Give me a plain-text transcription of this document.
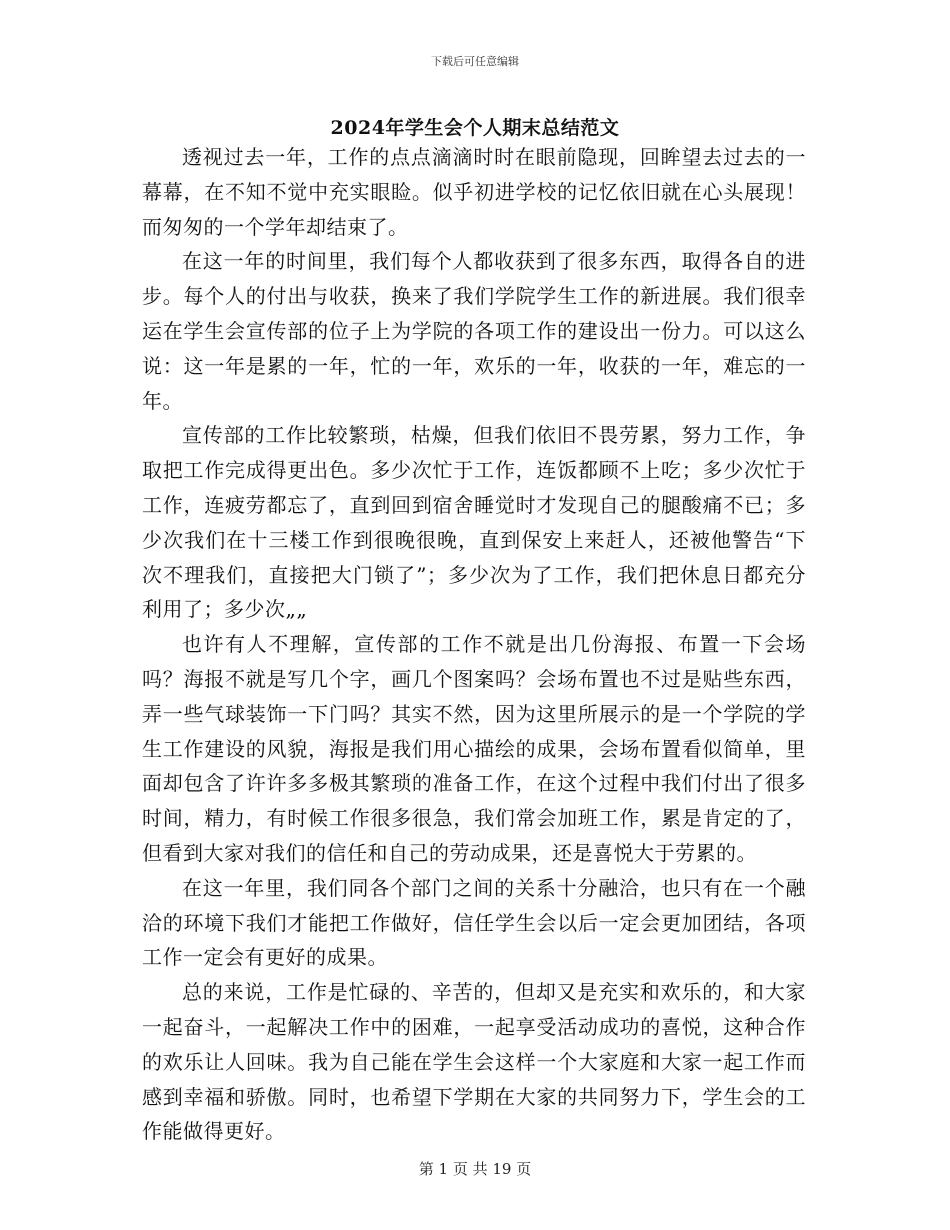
下载后可任意编辑
2024年学生会个人期末总结范文

透视过去一年，工作的点点滴滴时时在眼前隐现，回眸望去过去的一幕幕，在不知不觉中充实眼睑。似乎初进学校的记忆依旧就在心头展现！而匆匆的一个学年却结束了。

在这一年的时间里，我们每个人都收获到了很多东西，取得各自的进步。每个人的付出与收获，换来了我们学院学生工作的新进展。我们很幸运在学生会宣传部的位子上为学院的各项工作的建设出一份力。可以这么说：这一年是累的一年，忙的一年，欢乐的一年，收获的一年，难忘的一年。

宣传部的工作比较繁琐，枯燥，但我们依旧不畏劳累，努力工作，争取把工作完成得更出色。多少次忙于工作，连饭都顾不上吃；多少次忙于工作，连疲劳都忘了，直到回到宿舍睡觉时才发现自己的腿酸痛不已；多少次我们在十三楼工作到很晚很晚，直到保安上来赶人，还被他警告“下次不理我们，直接把大门锁了”；多少次为了工作，我们把休息日都充分利用了；多少次„„

也许有人不理解，宣传部的工作不就是出几份海报、布置一下会场吗？海报不就是写几个字，画几个图案吗？会场布置也不过是贴些东西，弄一些气球装饰一下门吗？其实不然，因为这里所展示的是一个学院的学生工作建设的风貌，海报是我们用心描绘的成果，会场布置看似简单，里面却包含了许许多多极其繁琐的准备工作，在这个过程中我们付出了很多时间，精力，有时候工作很多很急，我们常会加班工作，累是肯定的了，但看到大家对我们的信任和自己的劳动成果，还是喜悦大于劳累的。

在这一年里，我们同各个部门之间的关系十分融洽，也只有在一个融洽的环境下我们才能把工作做好，信任学生会以后一定会更加团结，各项工作一定会有更好的成果。

总的来说，工作是忙碌的、辛苦的，但却又是充实和欢乐的，和大家一起奋斗，一起解决工作中的困难，一起享受活动成功的喜悦，这种合作的欢乐让人回味。我为自己能在学生会这样一个大家庭和大家一起工作而感到幸福和骄傲。同时，也希望下学期在大家的共同努力下，学生会的工作能做得更好。

第 1 页 共 19 页
